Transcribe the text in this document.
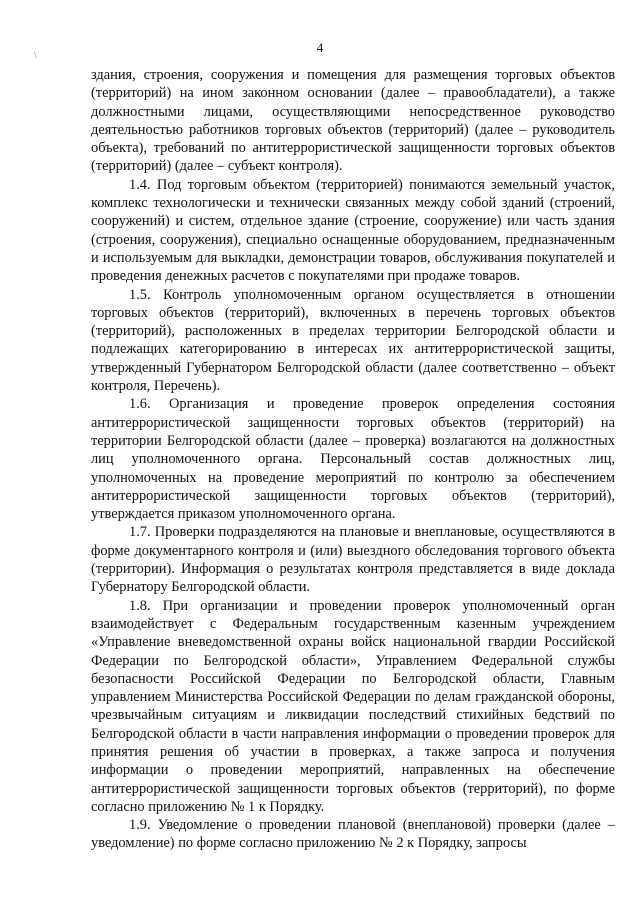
4
\

здания, строения, сооружения и помещения для размещения торговых объектов (территорий) на ином законном основании (далее – правообладатели), а также должностными лицами, осуществляющими непосредственное руководство деятельностью работников торговых объектов (территорий) (далее – руководитель объекта), требований по антитеррористической защищенности торговых объектов (территорий) (далее – субъект контроля).

1.4. Под торговым объектом (территорией) понимаются земельный участок, комплекс технологически и технически связанных между собой зданий (строений, сооружений) и систем, отдельное здание (строение, сооружение) или часть здания (строения, сооружения), специально оснащенные оборудованием, предназначенным и используемым для выкладки, демонстрации товаров, обслуживания покупателей и проведения денежных расчетов с покупателями при продаже товаров.

1.5. Контроль уполномоченным органом осуществляется в отношении торговых объектов (территорий), включенных в перечень торговых объектов (территорий), расположенных в пределах территории Белгородской области и подлежащих категорированию в интересах их антитеррористической защиты, утвержденный Губернатором Белгородской области (далее соответственно – объект контроля, Перечень).

1.6. Организация и проведение проверок определения состояния антитеррористической защищенности торговых объектов (территорий) на территории Белгородской области (далее – проверка) возлагаются на должностных лиц уполномоченного органа. Персональный состав должностных лиц, уполномоченных на проведение мероприятий по контролю за обеспечением антитеррористической защищенности торговых объектов (территорий), утверждается приказом уполномоченного органа.

1.7. Проверки подразделяются на плановые и внеплановые, осуществляются в форме документарного контроля и (или) выездного обследования торгового объекта (территории). Информация о результатах контроля представляется в виде доклада Губернатору Белгородской области.

1.8. При организации и проведении проверок уполномоченный орган взаимодействует с Федеральным государственным казенным учреждением «Управление вневедомственной охраны войск национальной гвардии Российской Федерации по Белгородской области», Управлением Федеральной службы безопасности Российской Федерации по Белгородской области, Главным управлением Министерства Российской Федерации по делам гражданской обороны, чрезвычайным ситуациям и ликвидации последствий стихийных бедствий по Белгородской области в части направления информации о проведении проверок для принятия решения об участии в проверках, а также запроса и получения информации о проведении мероприятий, направленных на обеспечение антитеррористической защищенности торговых объектов (территорий), по форме согласно приложению № 1 к Порядку.

1.9. Уведомление о проведении плановой (внеплановой) проверки (далее – уведомление) по форме согласно приложению № 2 к Порядку, запросы
